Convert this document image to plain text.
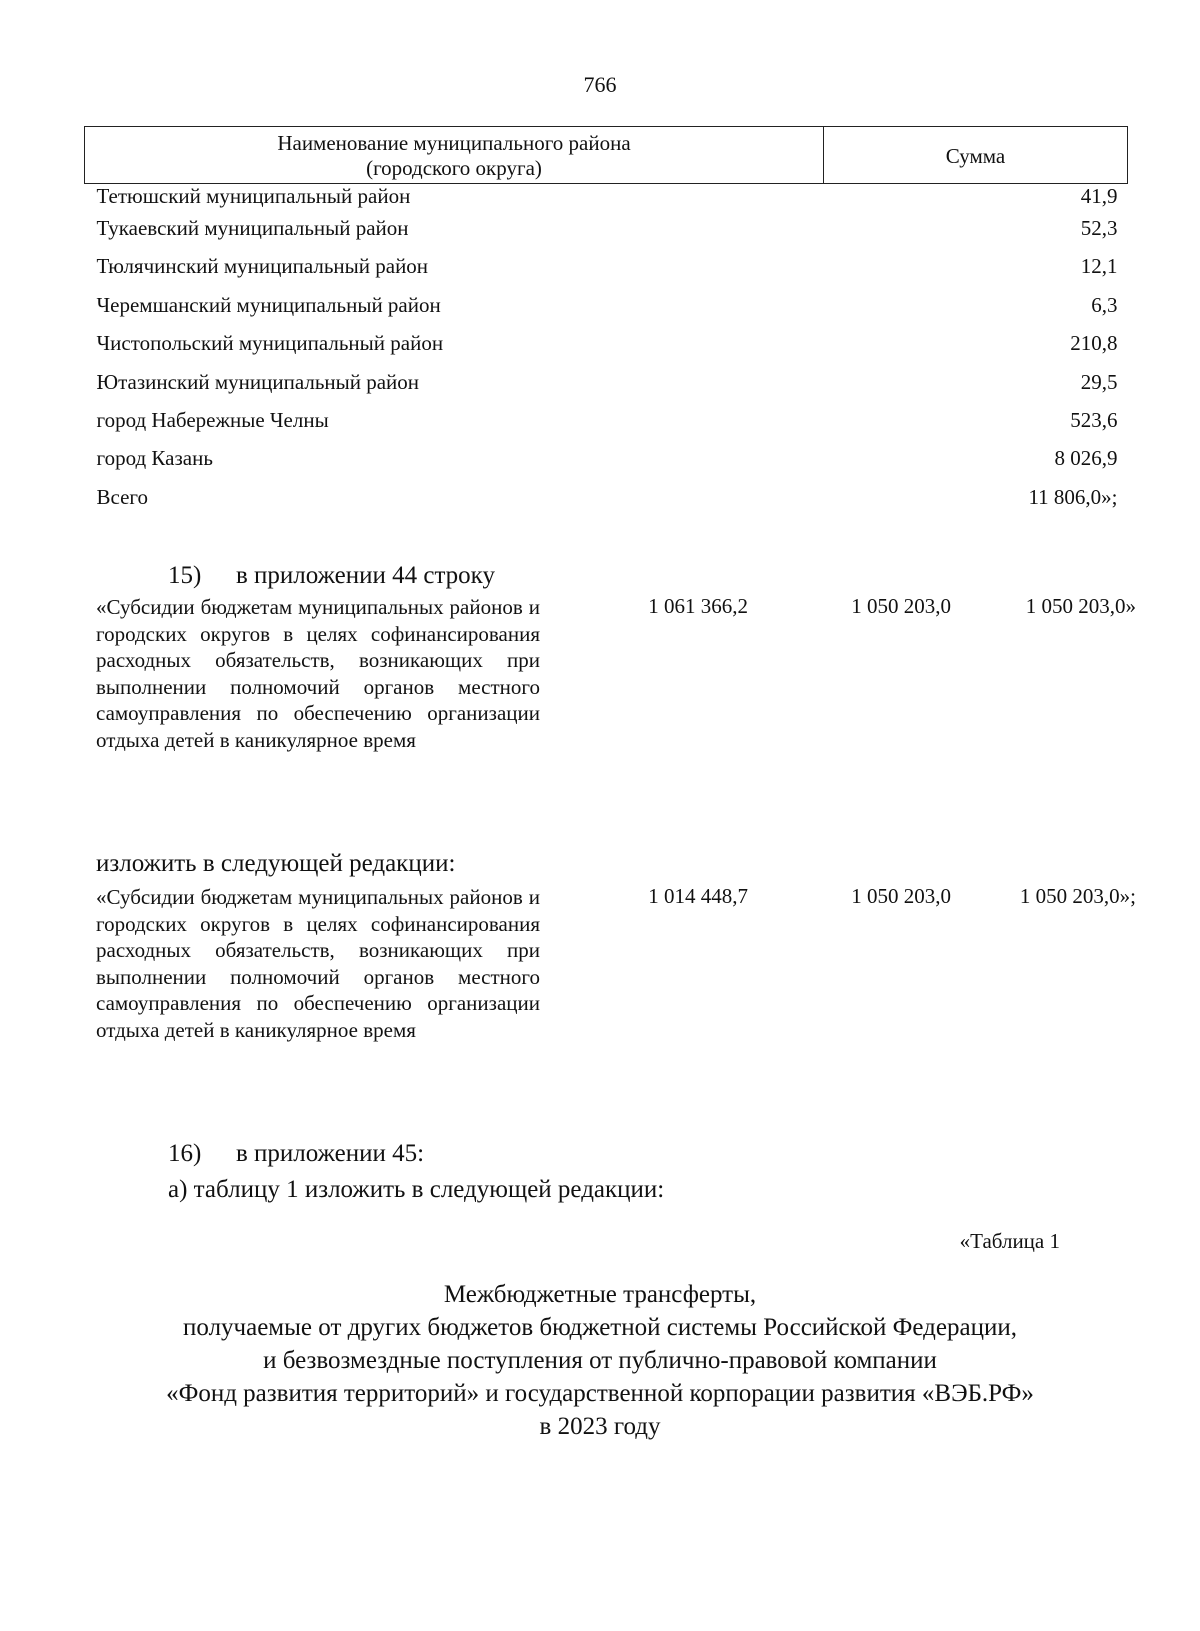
766
Наименование муниципального района
(городского округа)	Сумма
Тетюшский муниципальный район	41,9
Тукаевский муниципальный район	52,3
Тюлячинский муниципальный район	12,1
Черемшанский муниципальный район	6,3
Чистопольский муниципальный район	210,8
Ютазинский муниципальный район	29,5
город Набережные Челны	523,6
город Казань	8 026,9
Всего	11 806,0»;
15) в приложении 44 строку
«Субсидии бюджетам муниципальных районов и городских округов в целях софинансирования расходных обязательств, возникающих при выполнении полномочий органов местного самоуправления по обеспечению организации отдыха детей в каникулярное время
1 061 366,2	1 050 203,0	1 050 203,0»
изложить в следующей редакции:
«Субсидии бюджетам муниципальных районов и городских округов в целях софинансирования расходных обязательств, возникающих при выполнении полномочий органов местного самоуправления по обеспечению организации отдыха детей в каникулярное время
1 014 448,7	1 050 203,0	1 050 203,0»;
16) в приложении 45:
а) таблицу 1 изложить в следующей редакции:
«Таблица 1
Межбюджетные трансферты,
получаемые от других бюджетов бюджетной системы Российской Федерации,
и безвозмездные поступления от публично-правовой компании
«Фонд развития территорий» и государственной корпорации развития «ВЭБ.РФ»
в 2023 году
